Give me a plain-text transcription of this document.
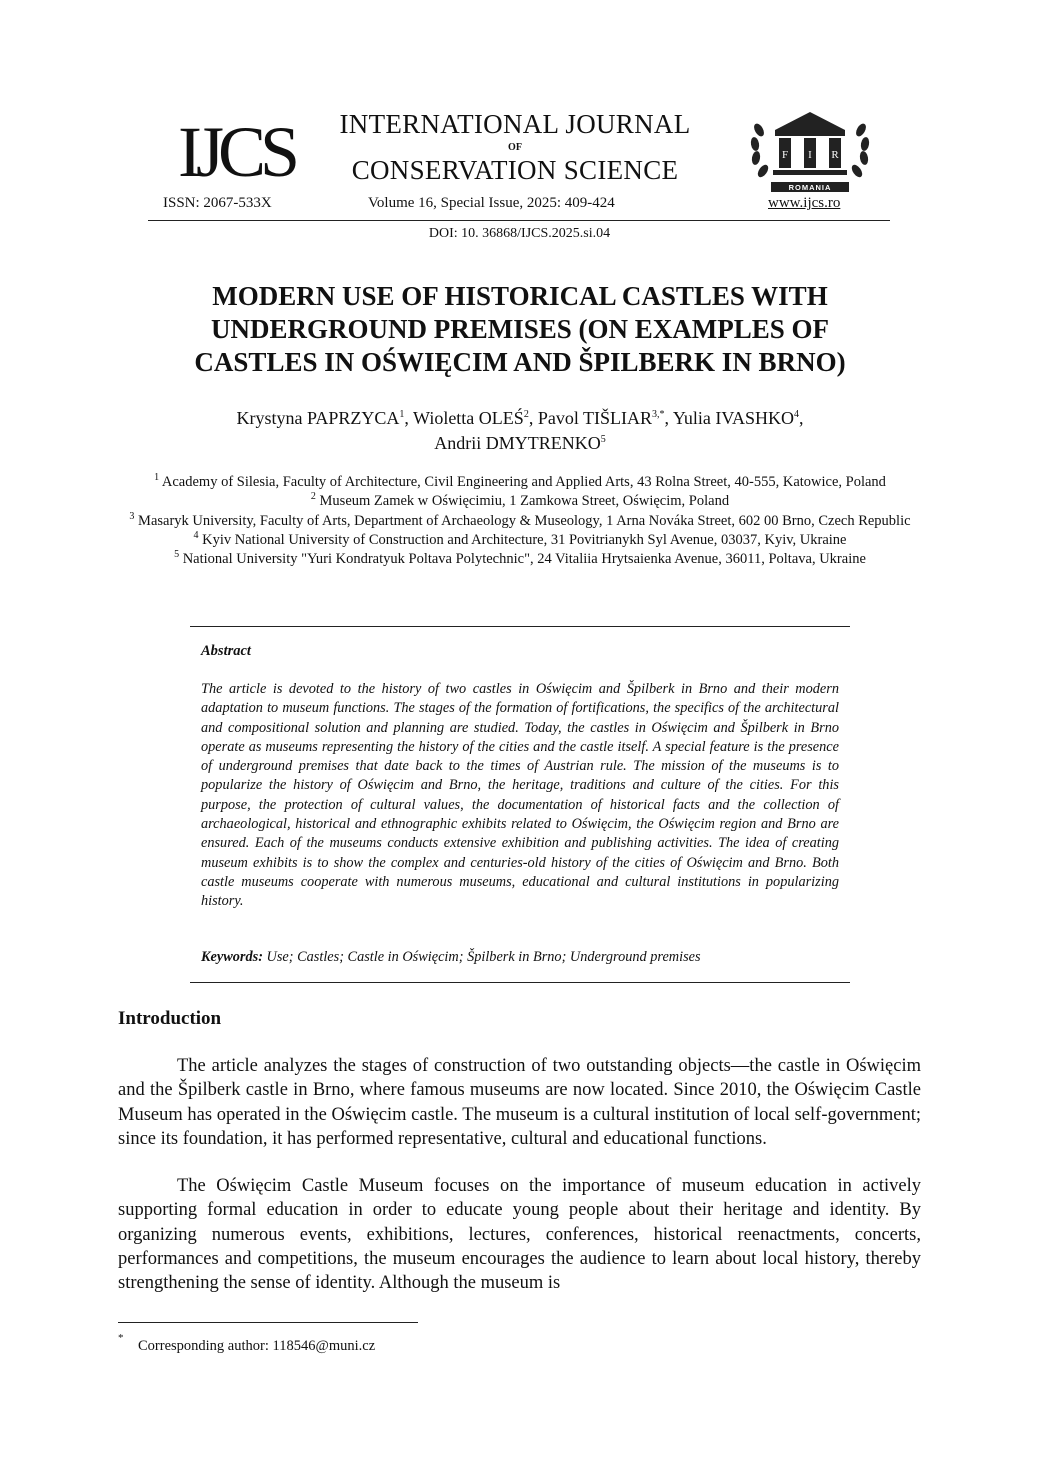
IJCS	INTERNATIONAL JOURNAL
OF
CONSERVATION SCIENCE	F I R
ROMANIA
ISSN: 2067-533X	Volume 16, Special Issue, 2025: 409-424	www.ijcs.ro
DOI: 10. 36868/IJCS.2025.si.04
MODERN USE OF HISTORICAL CASTLES WITH
UNDERGROUND PREMISES (ON EXAMPLES OF
CASTLES IN OŚWIĘCIM AND ŠPILBERK IN BRNO)
Krystyna PAPRZYCA$^1$, Wioletta OLEŚ$^2$, Pavol $TIŠLIAR^{3,*}$, Yulia IVASHKO$^4$,
Andrii DMYTRENKO$^5$

$^1$ Academy of Silesia, Faculty of Architecture, Civil Engineering and Applied Arts, 43 Rolna Street, 40-555, Katowice, Poland

$^2$ Museum Zamek w Oświęcimiu, 1 Zamkowa Street, Oświęcim, Poland

$^3$ Masaryk University, Faculty of Arts, Department of Archaeology & Museology, 1 Arna Nováka Street, 602 00 Brno, Czech Republic

$^4$ Kyiv National University of Construction and Architecture, 31 Povitrianykh Syl Avenue, 03037, Kyiv, Ukraine

$^5$ National University "Yuri Kondratyuk Poltava Polytechnic", 24 Vitaliia Hrytsaienka Avenue, 36011, Poltava, Ukraine

Abstract

The article is devoted to the history of two castles in Oświęcim and Špilberk in Brno and their modern adaptation to museum functions. The stages of the formation of fortifications, the specifics of the architectural and compositional solution and planning are studied. Today, the castles in Oświęcim and Špilberk in Brno operate as museums representing the history of the cities and the castle itself. A special feature is the presence of underground premises that date back to the times of Austrian rule. The mission of the museums is to popularize the history of Oświęcim and Brno, the heritage, traditions and culture of the cities. For this purpose, the protection of cultural values, the documentation of historical facts and the collection of archaeological, historical and ethnographic exhibits related to Oświęcim, the Oświęcim region and Brno are ensured. Each of the museums conducts extensive exhibition and publishing activities. The idea of creating museum exhibits is to show the complex and centuries-old history of the cities of Oświęcim and Brno. Both castle museums cooperate with numerous museums, educational and cultural institutions in popularizing history.

Keywords: Use; Castles; Castle in Oświęcim; Špilberk in Brno; Underground premises
Introduction

The article analyzes the stages of construction of two outstanding objects—the castle in Oświęcim and the Špilberk castle in Brno, where famous museums are now located. Since 2010, the Oświęcim Castle Museum has operated in the Oświęcim castle. The museum is a cultural institution of local self-government; since its foundation, it has performed representative, cultural and educational functions.

The Oświęcim Castle Museum focuses on the importance of museum education in actively supporting formal education in order to educate young people about their heritage and identity. By organizing numerous events, exhibitions, lectures, conferences, historical reenactments, concerts, performances and competitions, the museum encourages the audience to learn about local history, thereby strengthening the sense of identity. Although the museum is

* Corresponding author: 118546@muni.cz
